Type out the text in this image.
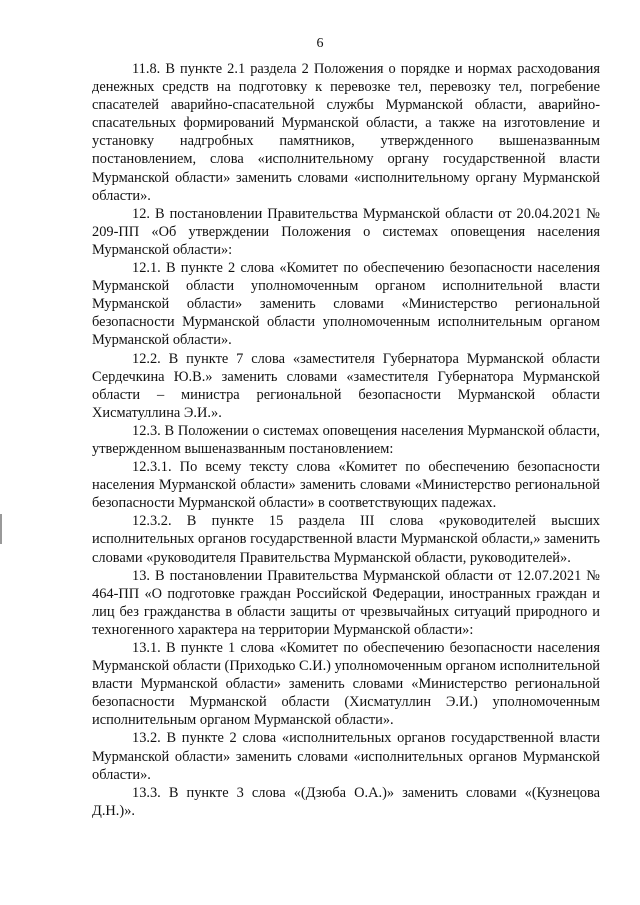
6

11.8. В пункте 2.1 раздела 2 Положения о порядке и нормах расходования денежных средств на подготовку к перевозке тел, перевозку тел, погребение спасателей аварийно-спасательной службы Мурманской области, аварийно-спасательных формирований Мурманской области, а также на изготовление и установку надгробных памятников, утвержденного вышеназванным постановлением, слова «исполнительному органу государственной власти Мурманской области» заменить словами «исполнительному органу Мурманской области».

12. В постановлении Правительства Мурманской области от 20.04.2021 № 209-ПП «Об утверждении Положения о системах оповещения населения Мурманской области»:

12.1. В пункте 2 слова «Комитет по обеспечению безопасности населения Мурманской области уполномоченным органом исполнительной власти Мурманской области» заменить словами «Министерство региональной безопасности Мурманской области уполномоченным исполнительным органом Мурманской области».

12.2. В пункте 7 слова «заместителя Губернатора Мурманской области Сердечкина Ю.В.» заменить словами «заместителя Губернатора Мурманской области – министра региональной безопасности Мурманской области Хисматуллина Э.И.».

12.3. В Положении о системах оповещения населения Мурманской области, утвержденном вышеназванным постановлением:

12.3.1. По всему тексту слова «Комитет по обеспечению безопасности населения Мурманской области» заменить словами «Министерство региональной безопасности Мурманской области» в соответствующих падежах.

12.3.2. В пункте 15 раздела III слова «руководителей высших исполнительных органов государственной власти Мурманской области,» заменить словами «руководителя Правительства Мурманской области, руководителей».

13. В постановлении Правительства Мурманской области от 12.07.2021 № 464-ПП «О подготовке граждан Российской Федерации, иностранных граждан и лиц без гражданства в области защиты от чрезвычайных ситуаций природного и техногенного характера на территории Мурманской области»:

13.1. В пункте 1 слова «Комитет по обеспечению безопасности населения Мурманской области (Приходько С.И.) уполномоченным органом исполнительной власти Мурманской области» заменить словами «Министерство региональной безопасности Мурманской области (Хисматуллин Э.И.) уполномоченным исполнительным органом Мурманской области».

13.2. В пункте 2 слова «исполнительных органов государственной власти Мурманской области» заменить словами «исполнительных органов Мурманской области».

13.3. В пункте 3 слова «(Дзюба О.А.)» заменить словами «(Кузнецова Д.Н.)».
